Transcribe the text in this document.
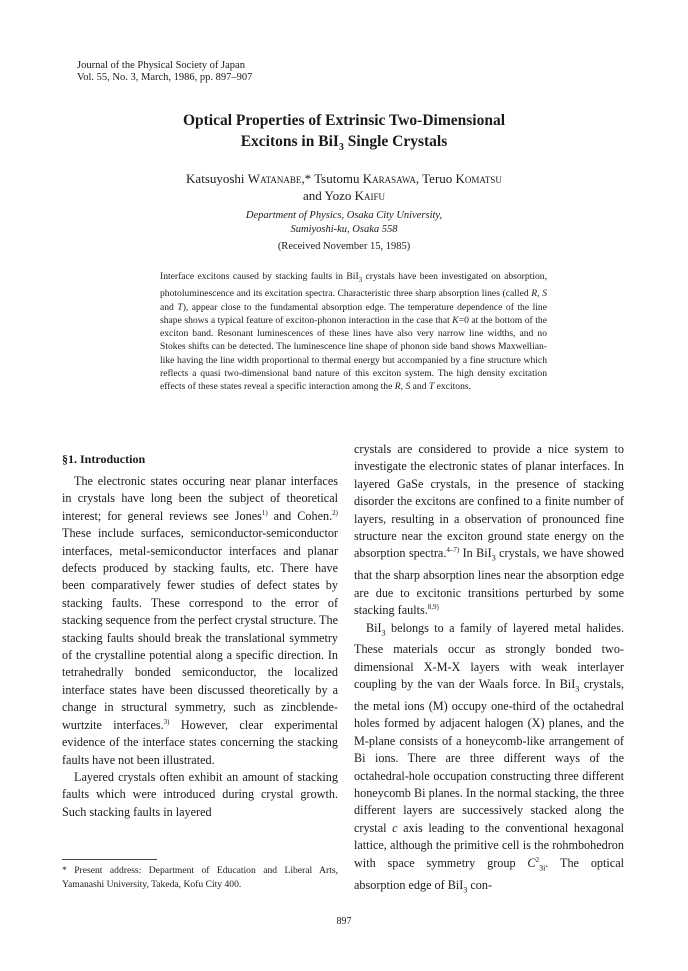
Journal of the Physical Society of Japan
Vol. 55, No. 3, March, 1986, pp. 897–907
Optical Properties of Extrinsic Two-Dimensional
Excitons in BiI$_3$ Single Crystals
Katsuyoshi Watanabe,* Tsutomu Karasawa, Teruo Komatsu
and Yozo Kaifu
Department of Physics, Osaka City University,
Sumiyoshi-ku, Osaka 558
(Received November 15, 1985)
Interface excitons caused by stacking faults in BiI$_3$ crystals have been investigated on absorption, photoluminescence and its excitation spectra. Characteristic three sharp absorption lines (called R, S and T), appear close to the fundamental absorption edge. The temperature dependence of the line shape shows a typical feature of exciton-phonon interaction in the case that K=0 at the bottom of the exciton band. Resonant luminescences of these lines have also very narrow line widths, and no Stokes shifts can be detected. The luminescence line shape of phonon side band shows Maxwellian-like having the line width proportional to thermal energy but accompanied by a fine structure which reflects a quasi two-dimensional band nature of this exciton system. The high density excitation effects of these states reveal a specific interaction among the R, S and T excitons.
§1. Introduction

The electronic states occuring near planar interfaces in crystals have long been the subject of theoretical interest; for general reviews see Jones$^{1)}$ and Cohen.$^{2)}$ These include surfaces, semiconductor-semiconductor interfaces, metal-semiconductor interfaces and planar defects produced by stacking faults, etc. There have been comparatively fewer studies of defect states by stacking faults. These correspond to the error of stacking sequence from the perfect crystal structure. The stacking faults should break the translational symmetry of the crystalline potential along a specific direction. In tetrahedrally bonded semiconductor, the localized interface states have been discussed theoretically by a change in structural symmetry, such as zincblende-wurtzite interfaces.$^{3)}$ However, clear experimental evidence of the interface states concerning the stacking faults have not been illustrated.

Layered crystals often exhibit an amount of stacking faults which were introduced during crystal growth. Such stacking faults in layered

crystals are considered to provide a nice system to investigate the electronic states of planar interfaces. In layered GaSe crystals, in the presence of stacking disorder the excitons are confined to a finite number of layers, resulting in a observation of pronounced fine structure near the exciton ground state energy on the absorption spectra.$^{4-7)}$ In BiI$_3$ crystals, we have showed that the sharp absorption lines near the absorption edge are due to excitonic transitions perturbed by some stacking faults.$^{8,9)}$

BiI$_3$ belongs to a family of layered metal halides. These materials occur as strongly bonded two-dimensional X-M-X layers with weak interlayer coupling by the van der Waals force. In BiI$_3$ crystals, the metal ions (M) occupy one-third of the octahedral holes formed by adjacent halogen (X) planes, and the M-plane consists of a honeycomb-like arrangement of Bi ions. There are three different ways of the octahedral-hole occupation constructing three different honeycomb Bi planes. In the normal stacking, the three different layers are successively stacked along the crystal c axis leading to the conventional hexagonal lattice, although the primitive cell is the rohmbohedron with space symmetry group $C^2_{3i}$. The optical absorption edge of BiI$_3$ con-

* Present address: Department of Education and Liberal Arts, Yamanashi University, Takeda, Kofu City 400.
897
